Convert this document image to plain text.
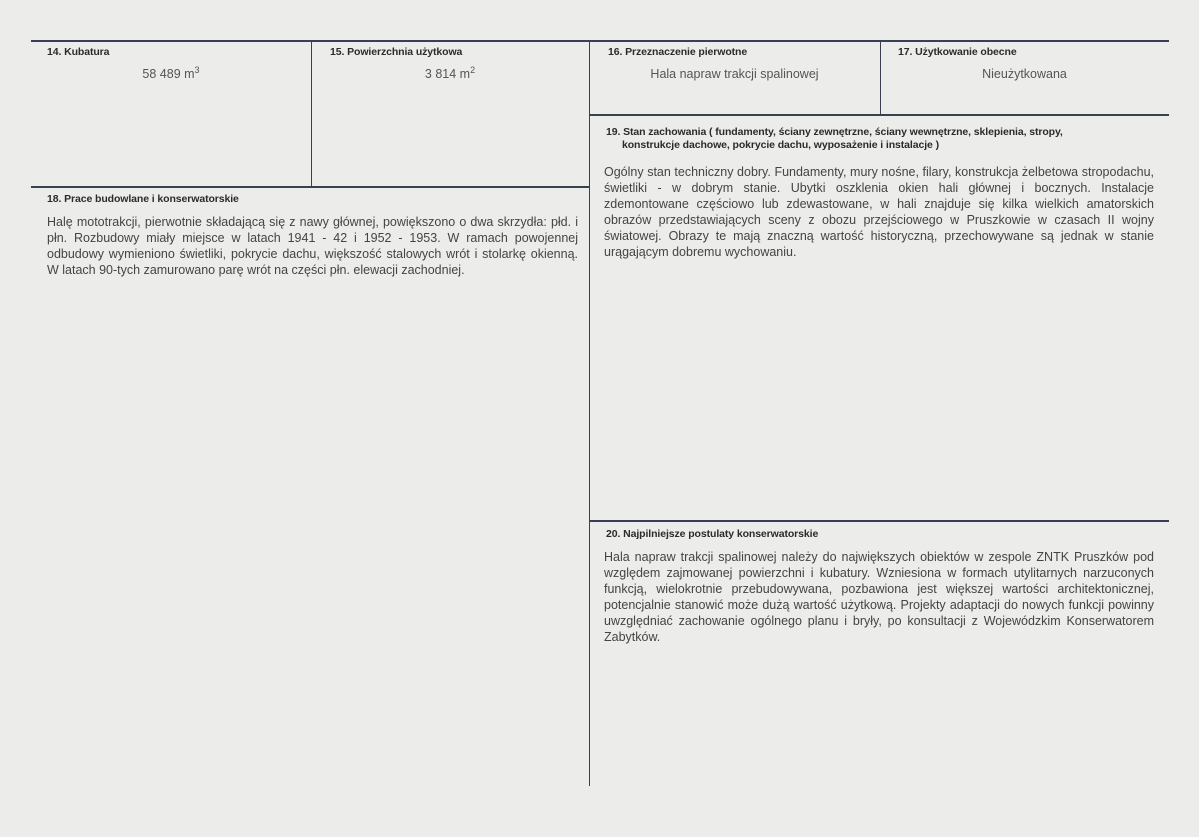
14. Kubatura
58 489 $m^3$
15. Powierzchnia użytkowa
3 814 $m^2$
16. Przeznaczenie pierwotne
Hala napraw trakcji spalinowej
17. Użytkowanie obecne
Nieużytkowana
19. Stan zachowania ( fundamenty, ściany zewnętrzne, ściany wewnętrzne, sklepienia, stropy,
konstrukcje dachowe, pokrycie dachu, wyposażenie i instalacje )
Ogólny stan techniczny dobry. Fundamenty, mury nośne, filary, konstrukcja żelbetowa stropodachu, świetliki - w dobrym stanie. Ubytki oszklenia okien hali głównej i bocznych. Instalacje zdemontowane częściowo lub zdewastowane, w hali znajduje się kilka wielkich amatorskich obrazów przedstawiających sceny z obozu przejściowego w Pruszkowie w czasach II wojny światowej. Obrazy te mają znaczną wartość historyczną, przechowywane są jednak w stanie urągającym dobremu wychowaniu.
18. Prace budowlane i konserwatorskie
Halę mototrakcji, pierwotnie składającą się z nawy głównej, powiększono o dwa skrzydła: płd. i płn. Rozbudowy miały miejsce w latach 1941 - 42 i 1952 - 1953. W ramach powojennej odbudowy wymieniono świetliki, pokrycie dachu, większość stalowych wrót i stolarkę okienną. W latach 90-tych zamurowano parę wrót na części płn. elewacji zachodniej.
20. Najpilniejsze postulaty konserwatorskie
Hala napraw trakcji spalinowej należy do największych obiektów w zespole ZNTK Pruszków pod względem zajmowanej powierzchni i kubatury. Wzniesiona w formach utylitarnych narzuconych funkcją, wielokrotnie przebudowywana, pozbawiona jest większej wartości architektonicznej, potencjalnie stanowić może dużą wartość użytkową. Projekty adaptacji do nowych funkcji powinny uwzględniać zachowanie ogólnego planu i bryły, po konsultacji z Wojewódzkim Konserwatorem Zabytków.
